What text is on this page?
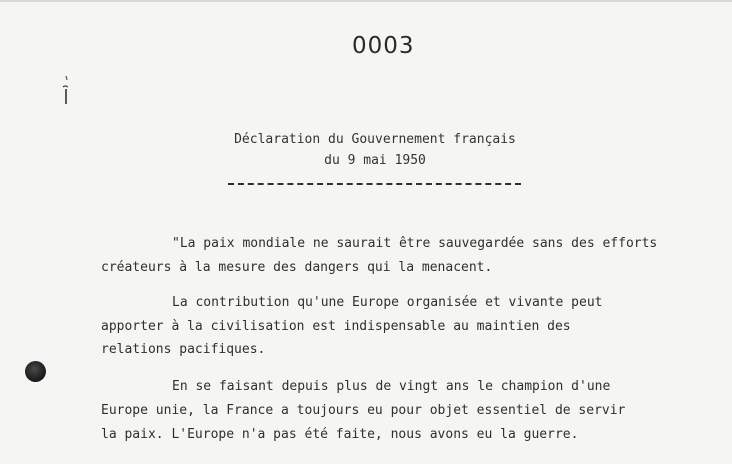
0003
Déclaration du Gouvernement français
du 9 mai 1950
"La paix mondiale ne saurait être sauvegardée sans des efforts
créateurs à la mesure des dangers qui la menacent.
La contribution qu'une Europe organisée et vivante peut
apporter à la civilisation est indispensable au maintien des
relations pacifiques.
En se faisant depuis plus de vingt ans le champion d'une
Europe unie, la France a toujours eu pour objet essentiel de servir
la paix. L'Europe n'a pas été faite, nous avons eu la guerre.
